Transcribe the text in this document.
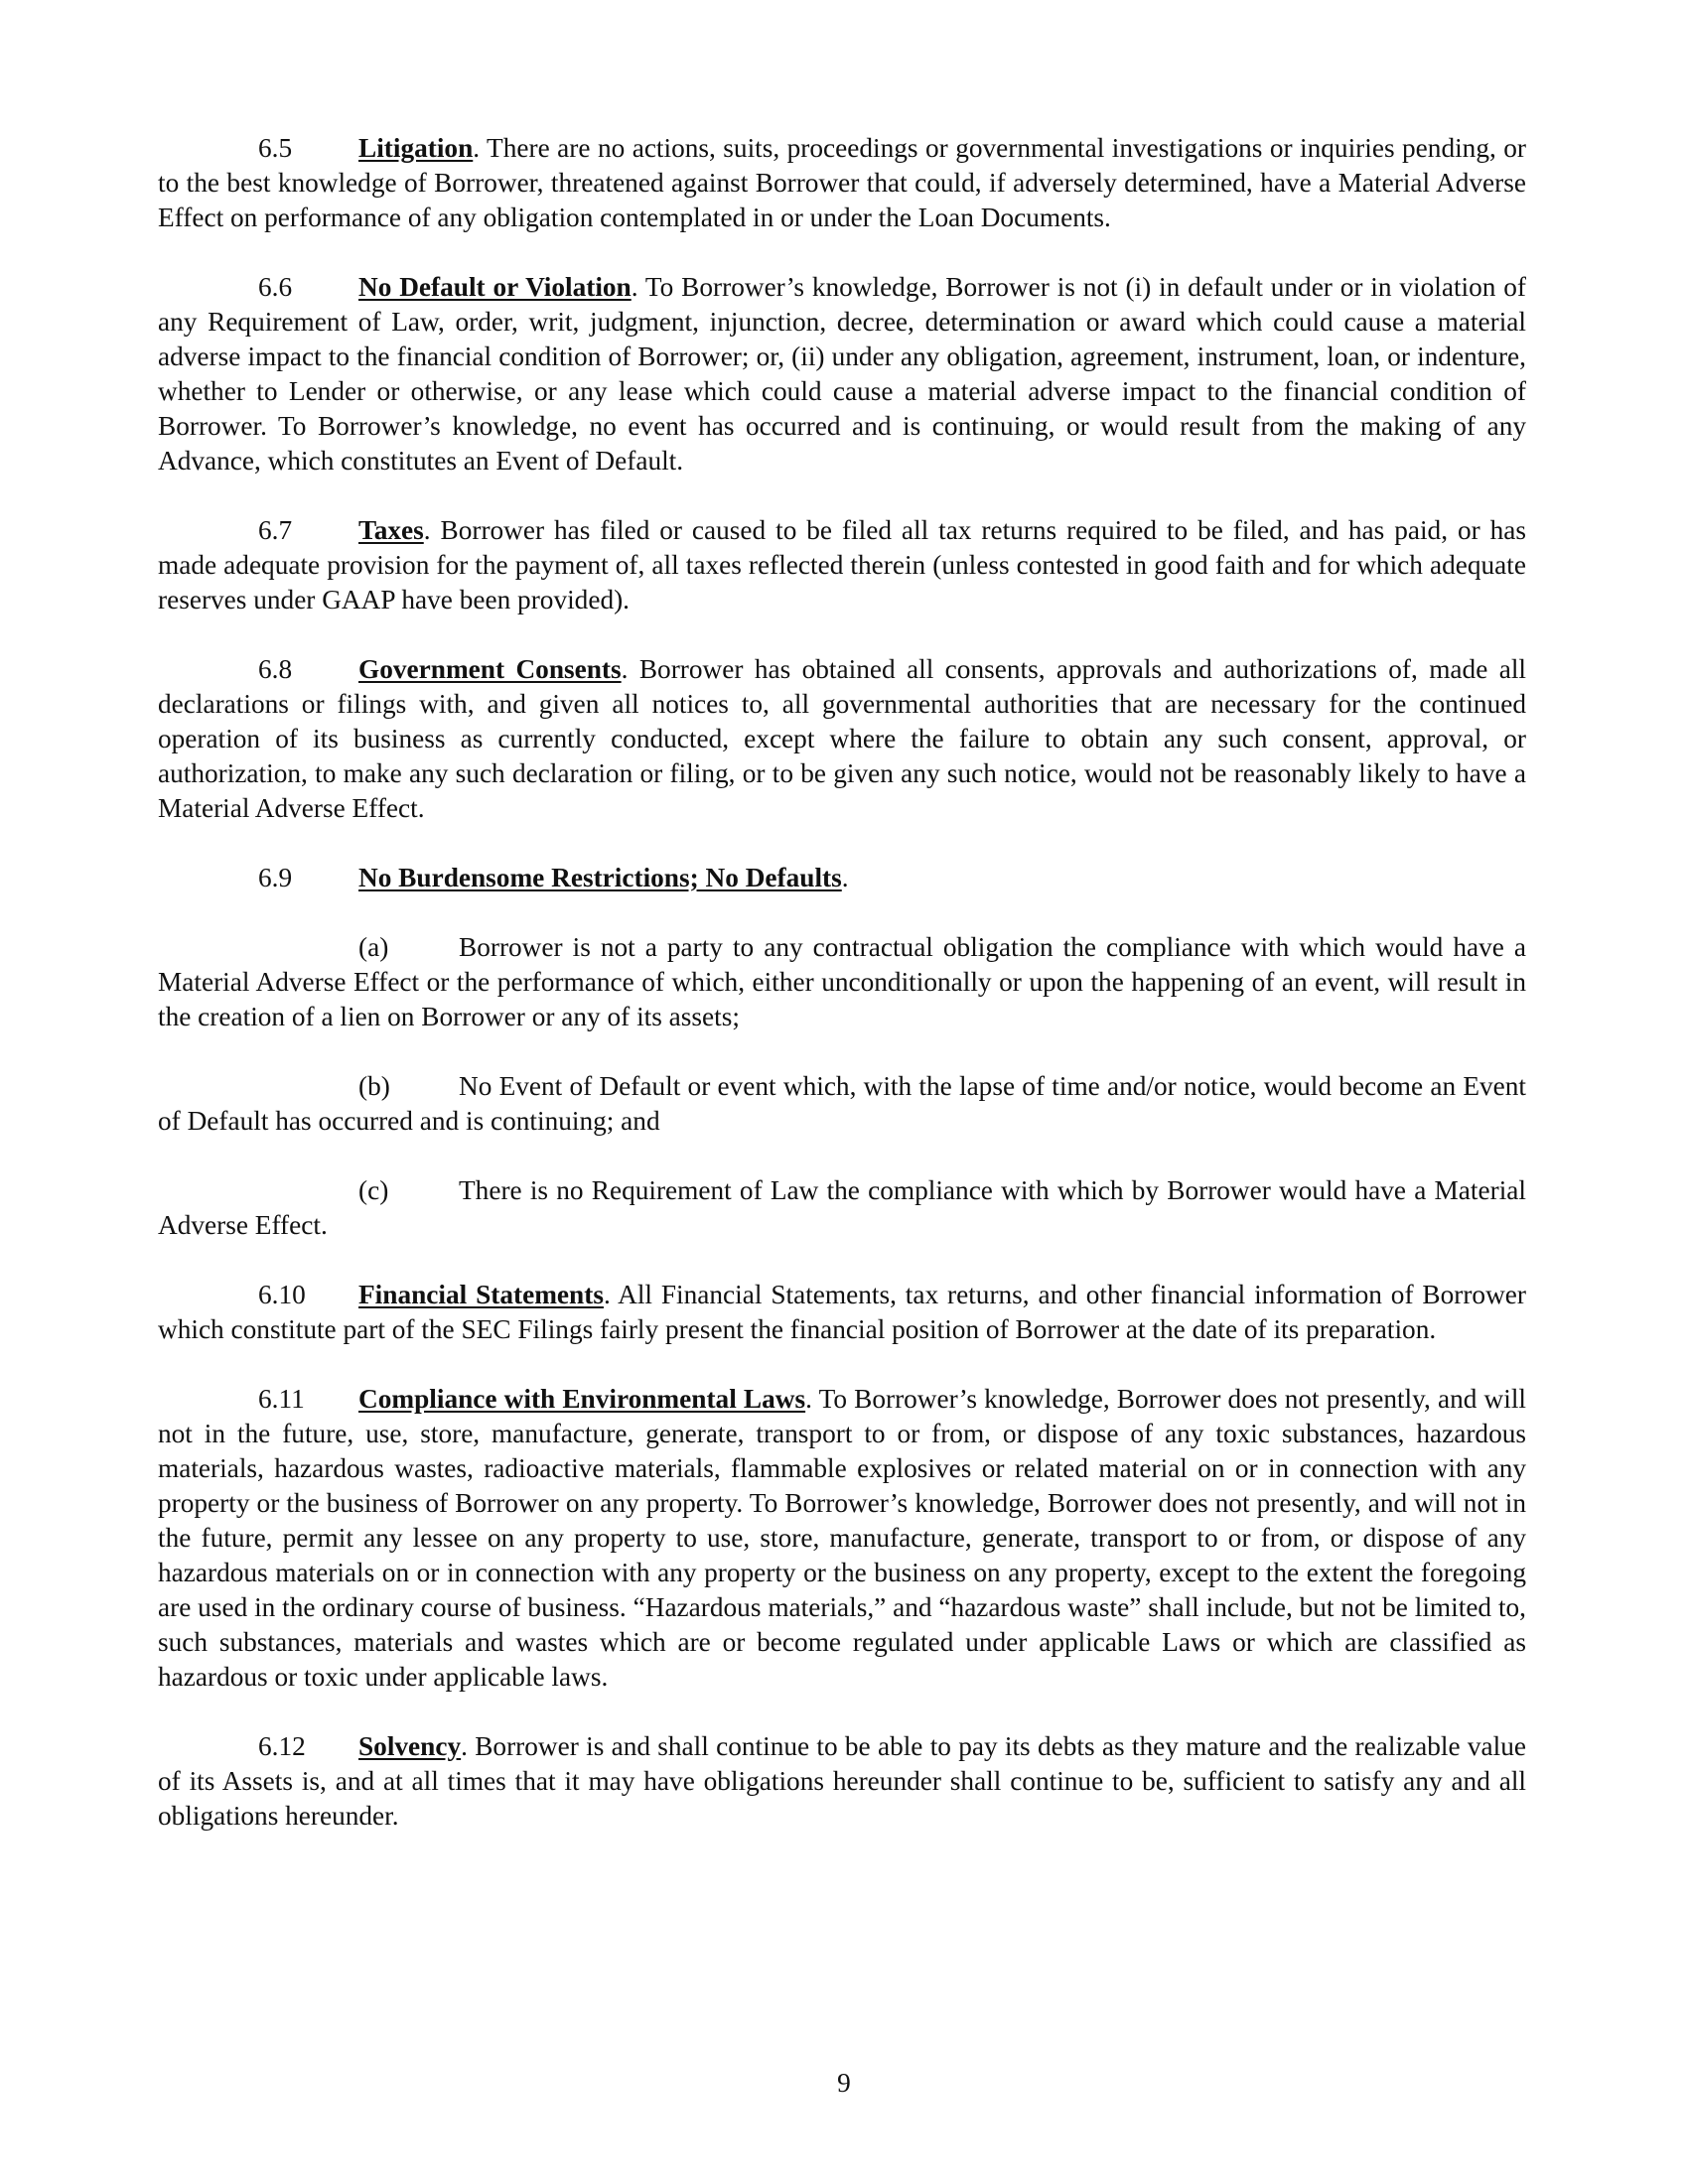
6.5 Litigation. There are no actions, suits, proceedings or governmental investigations or inquiries pending, or to the best knowledge of Borrower, threatened against Borrower that could, if adversely determined, have a Material Adverse Effect on performance of any obligation contemplated in or under the Loan Documents.

6.6 No Default or Violation. To Borrower’s knowledge, Borrower is not (i) in default under or in violation of any Requirement of Law, order, writ, judgment, injunction, decree, determination or award which could cause a material adverse impact to the financial condition of Borrower; or, (ii) under any obligation, agreement, instrument, loan, or indenture, whether to Lender or otherwise, or any lease which could cause a material adverse impact to the financial condition of Borrower. To Borrower’s knowledge, no event has occurred and is continuing, or would result from the making of any Advance, which constitutes an Event of Default.

6.7 Taxes. Borrower has filed or caused to be filed all tax returns required to be filed, and has paid, or has made adequate provision for the payment of, all taxes reflected therein (unless contested in good faith and for which adequate reserves under GAAP have been provided).

6.8 Government Consents. Borrower has obtained all consents, approvals and authorizations of, made all declarations or filings with, and given all notices to, all governmental authorities that are necessary for the continued operation of its business as currently conducted, except where the failure to obtain any such consent, approval, or authorization, to make any such declaration or filing, or to be given any such notice, would not be reasonably likely to have a Material Adverse Effect.

6.9 No Burdensome Restrictions; No Defaults.

(a)	Borrower is not a party to any contractual obligation the compliance with which would have a Material Adverse Effect or the performance of which, either unconditionally or upon the happening of an event, will result in the creation of a lien on Borrower or any of its assets;

(b)	No Event of Default or event which, with the lapse of time and/or notice, would become an Event of Default has occurred and is continuing; and

(c)	There is no Requirement of Law the compliance with which by Borrower would have a Material Adverse Effect.

6.10 Financial Statements. All Financial Statements, tax returns, and other financial information of Borrower which constitute part of the SEC Filings fairly present the financial position of Borrower at the date of its preparation.

6.11 Compliance with Environmental Laws. To Borrower’s knowledge, Borrower does not presently, and will not in the future, use, store, manufacture, generate, transport to or from, or dispose of any toxic substances, hazardous materials, hazardous wastes, radioactive materials, flammable explosives or related material on or in connection with any property or the business of Borrower on any property. To Borrower’s knowledge, Borrower does not presently, and will not in the future, permit any lessee on any property to use, store, manufacture, generate, transport to or from, or dispose of any hazardous materials on or in connection with any property or the business on any property, except to the extent the foregoing are used in the ordinary course of business. “Hazardous materials,” and “hazardous waste” shall include, but not be limited to, such substances, materials and wastes which are or become regulated under applicable Laws or which are classified as hazardous or toxic under applicable laws.

6.12 Solvency. Borrower is and shall continue to be able to pay its debts as they mature and the realizable value of its Assets is, and at all times that it may have obligations hereunder shall continue to be, sufficient to satisfy any and all obligations hereunder.

9
